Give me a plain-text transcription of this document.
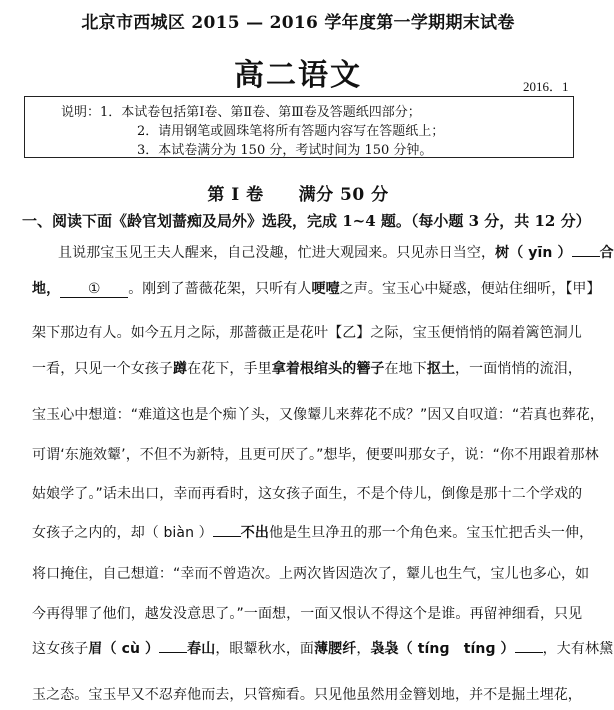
北京市西城区 2015 — 2016 学年度第一学期期末试卷
高二语文	2016．1
说明：1．本试卷包括第Ⅰ卷、第Ⅱ卷、第Ⅲ卷及答题纸四部分；
2．请用钢笔或圆珠笔将所有答题内容写在答题纸上；
3．本试卷满分为 150 分，考试时间为 150 分钟。
第 Ⅰ 卷　　满分 50 分
一、阅读下面《龄官划蔷痴及局外》选段，完成 1~4 题。（每小题 3 分，共 12 分）
且说那宝玉见王夫人醒来，自己没趣，忙进大观园来。只见赤日当空，树（ yīn ） 合
地， ① 。刚到了蔷薇花架，只听有人哽噎之声。宝玉心中疑惑，便站住细听，【甲】
架下那边有人。如今五月之际，那蔷薇正是花叶【乙】之际，宝玉便悄悄的隔着篱笆洞儿
一看，只见一个女孩子蹲在花下，手里拿着根绾头的簪子在地下抠土，一面悄悄的流泪，
宝玉心中想道：“难道这也是个痴丫头，又像颦儿来葬花不成？”因又自叹道：“若真也葬花，
可谓‘东施效颦’，不但不为新特，且更可厌了。”想毕，便要叫那女子，说：“你不用跟着那林
姑娘学了。”话未出口，幸而再看时，这女孩子面生，不是个侍儿，倒像是那十二个学戏的
女孩子之内的，却（ biàn ） 不出他是生旦净丑的那一个角色来。宝玉忙把舌头一伸，
将口掩住，自己想道：“幸而不曾造次。上两次皆因造次了，颦儿也生气，宝儿也多心，如
今再得罪了他们，越发没意思了。”一面想，一面又恨认不得这个是谁。再留神细看，只见
这女孩子眉（ cù ） 春山，眼颦秋水，面薄腰纤，袅袅（ tínɡ　tínɡ ） ，大有林黛
玉之态。宝玉早又不忍弃他而去，只管痴看。只见他虽然用金簪划地，并不是掘土埋花，
